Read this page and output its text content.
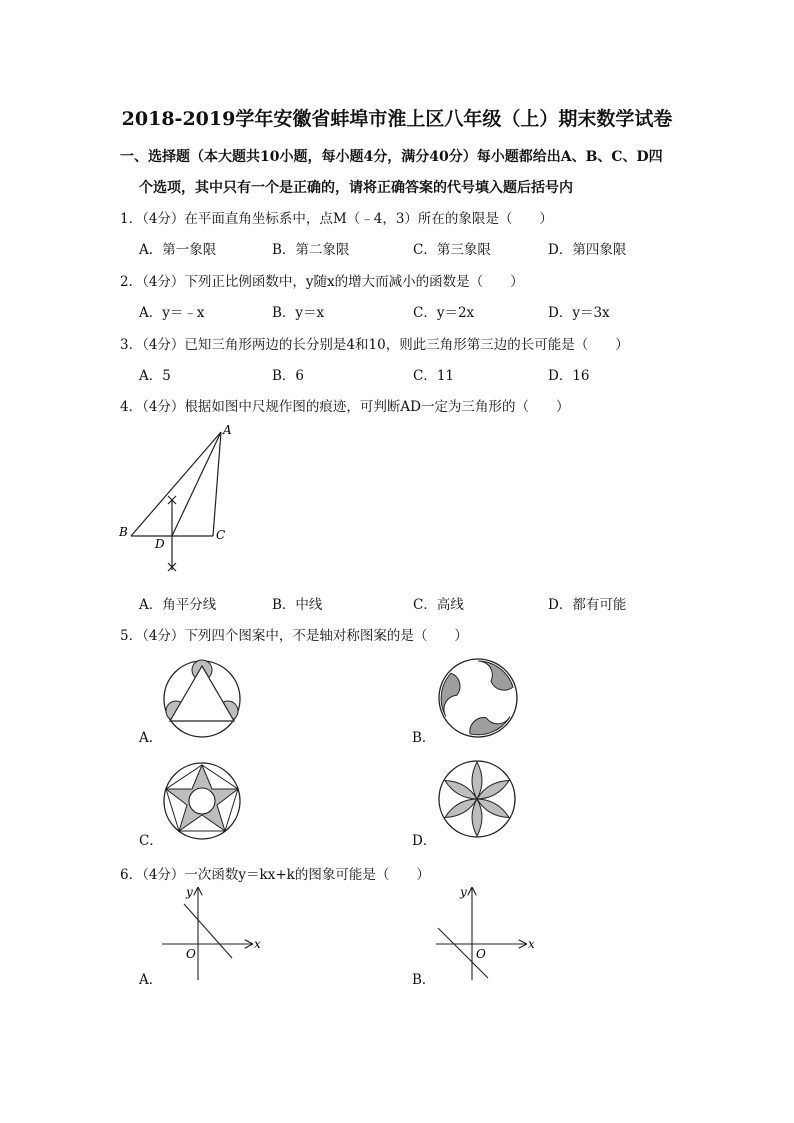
2018-2019学年安徽省蚌埠市淮上区八年级（上）期末数学试卷
一、选择题（本大题共10小题，每小题4分，满分40分）每小题都给出A、B、C、D四
个选项，其中只有一个是正确的，请将正确答案的代号填入题后括号内
1．（4分）在平面直角坐标系中，点M（﹣4，3）所在的象限是（　　）
A．第一象限	B．第二象限	C．第三象限	D．第四象限
2．（4分）下列正比例函数中，y随x的增大而减小的函数是（　　）
A．y＝﹣x	B．y＝x	C．y＝2x	D．y＝3x
3．（4分）已知三角形两边的长分别是4和10，则此三角形第三边的长可能是（　　）
A．5	B．6	C．11	D．16
4．（4分）根据如图中尺规作图的痕迹，可判断AD一定为三角形的（　　）
A
B	C
D
A．角平分线	B．中线	C．高线	D．都有可能
5．（4分）下列四个图案中，不是轴对称图案的是（　　）
A．	B．
C．	D．
6．（4分）一次函数y＝kx+k的图象可能是（　　）
x
y
O
A．
x
y
O
B．
